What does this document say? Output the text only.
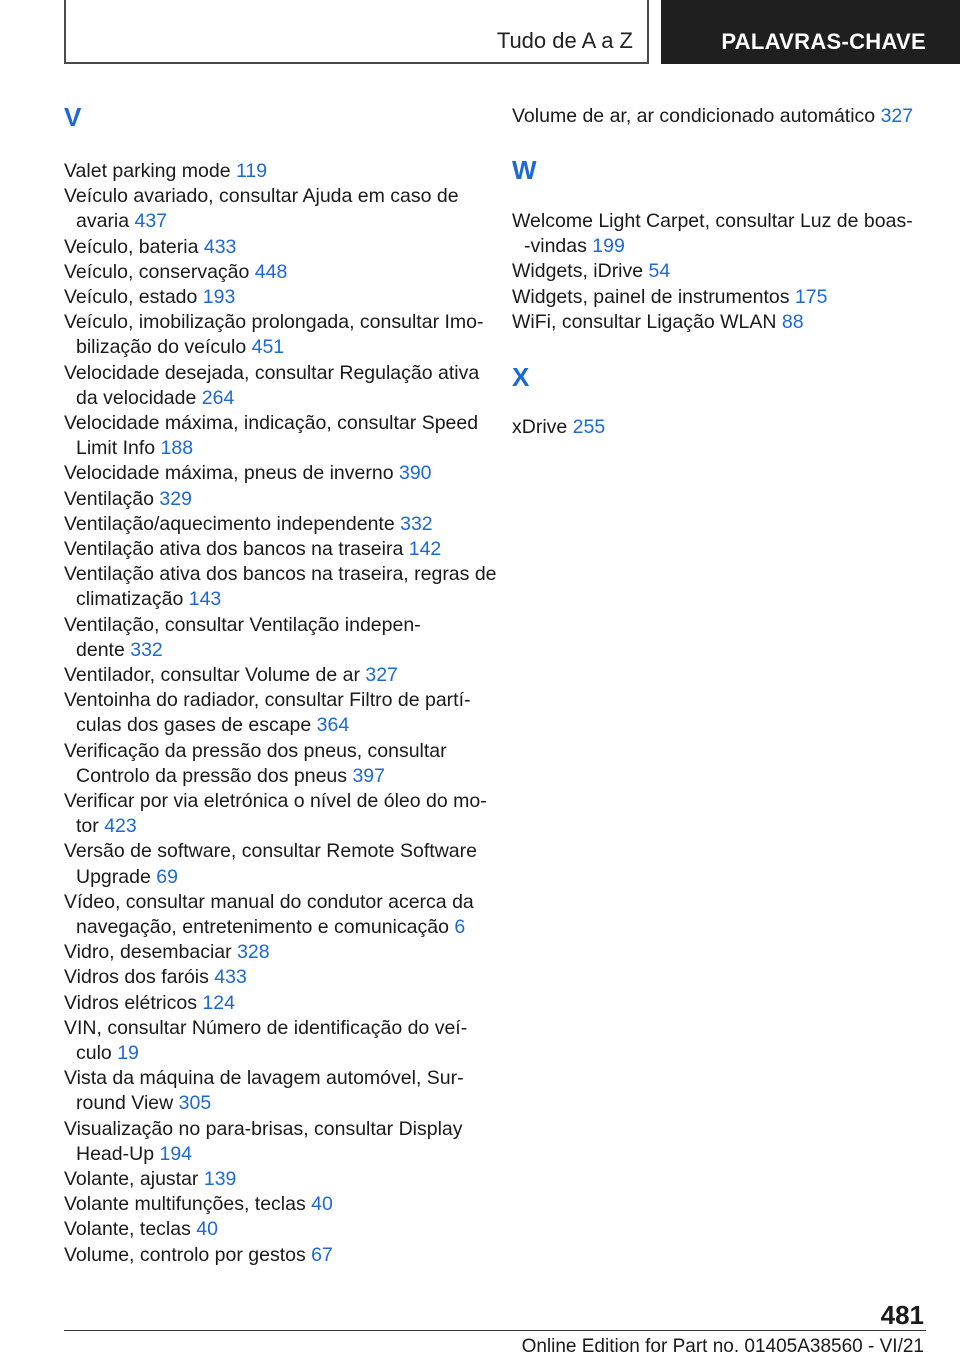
Tudo de A a Z	PALAVRAS-CHAVE
V
Valet parking mode 119
Veículo avariado, consultar Ajuda em caso de
avaria 437
Veículo, bateria 433
Veículo, conservação 448
Veículo, estado 193
Veículo, imobilização prolongada, consultar Imo-
bilização do veículo 451
Velocidade desejada, consultar Regulação ativa
da velocidade 264
Velocidade máxima, indicação, consultar Speed
Limit Info 188
Velocidade máxima, pneus de inverno 390
Ventilação 329
Ventilação/aquecimento independente 332
Ventilação ativa dos bancos na traseira 142
Ventilação ativa dos bancos na traseira, regras de
climatização 143
Ventilação, consultar Ventilação indepen-
dente 332
Ventilador, consultar Volume de ar 327
Ventoinha do radiador, consultar Filtro de partí-
culas dos gases de escape 364
Verificação da pressão dos pneus, consultar
Controlo da pressão dos pneus 397
Verificar por via eletrónica o nível de óleo do mo-
tor 423
Versão de software, consultar Remote Software
Upgrade 69
Vídeo, consultar manual do condutor acerca da
navegação, entretenimento e comunicação 6
Vidro, desembaciar 328
Vidros dos faróis 433
Vidros elétricos 124
VIN, consultar Número de identificação do veí-
culo 19
Vista da máquina de lavagem automóvel, Sur-
round View 305
Visualização no para-brisas, consultar Display
Head-Up 194
Volante, ajustar 139
Volante multifunções, teclas 40
Volante, teclas 40
Volume, controlo por gestos 67
Volume de ar, ar condicionado automático 327
W
Welcome Light Carpet, consultar Luz de boas-
-vindas 199
Widgets, iDrive 54
Widgets, painel de instrumentos 175
WiFi, consultar Ligação WLAN 88
X
xDrive 255
481
Online Edition for Part no. 01405A38560 - VI/21
